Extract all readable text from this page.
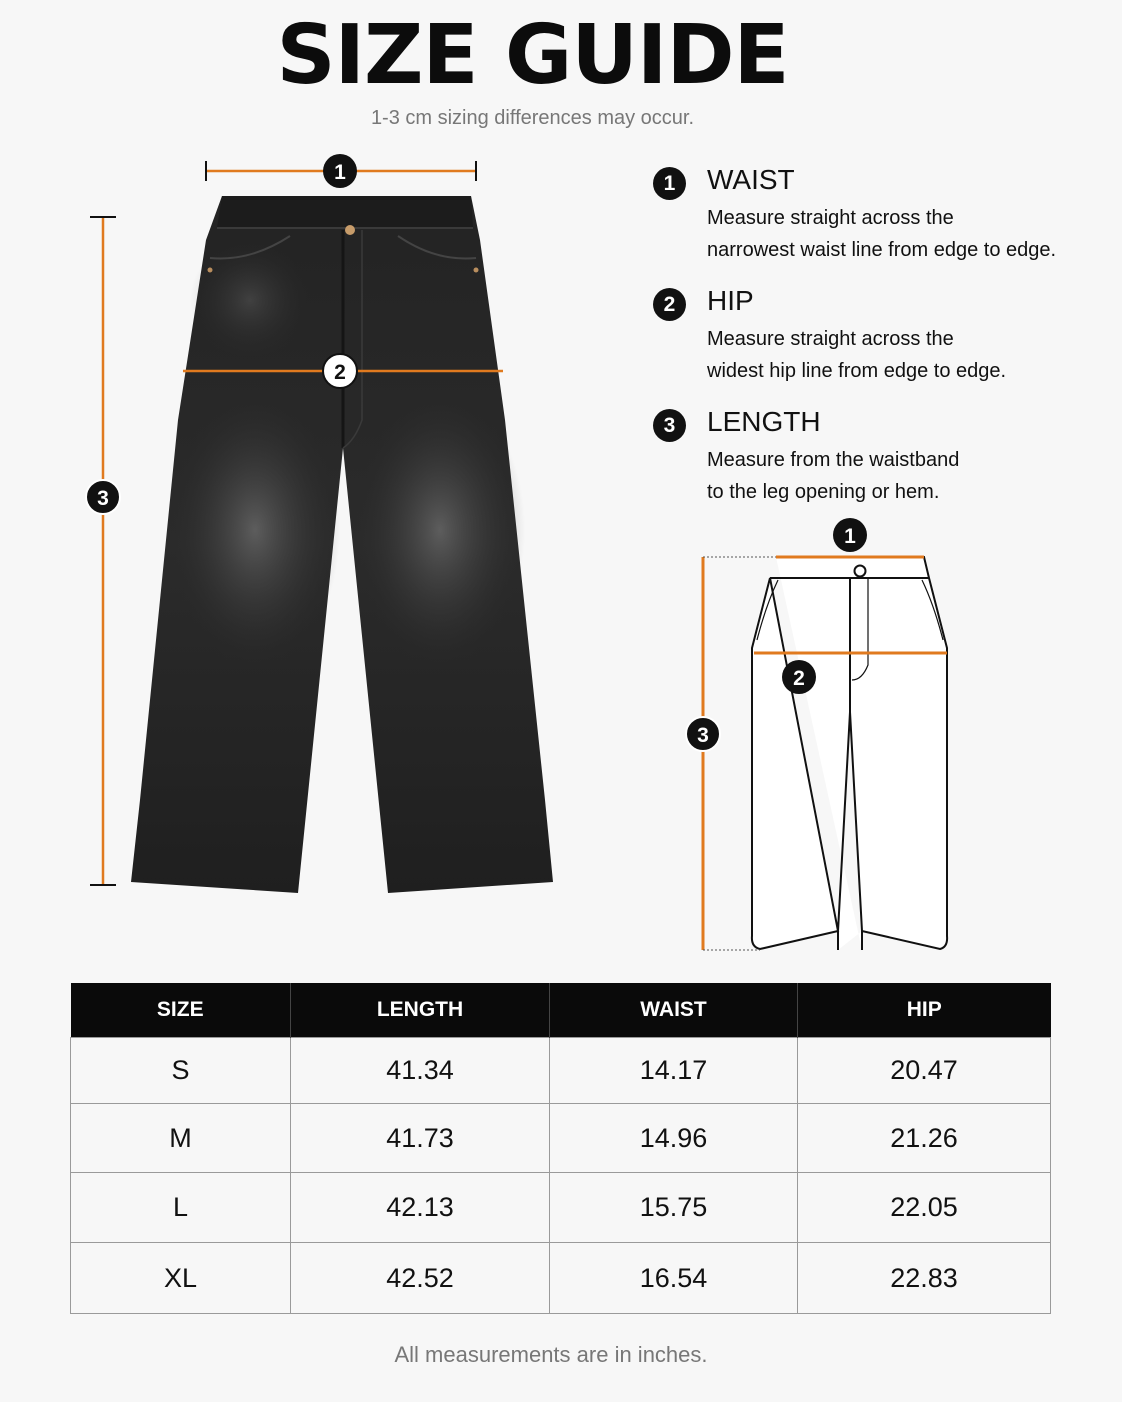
SIZE GUIDE
1-3 cm sizing differences may occur.
1
2
3
1
2
3
1	WAIST
Measure straight across the
narrowest waist line from edge to edge.
2	HIP
Measure straight across the
widest hip line from edge to edge.
3	LENGTH
Measure from the waistband
to the leg opening or hem.
SIZE	LENGTH	WAIST	HIP
S	41.34	14.17	20.47
M	41.73	14.96	21.26
L	42.13	15.75	22.05
XL	42.52	16.54	22.83
All measurements are in inches.
